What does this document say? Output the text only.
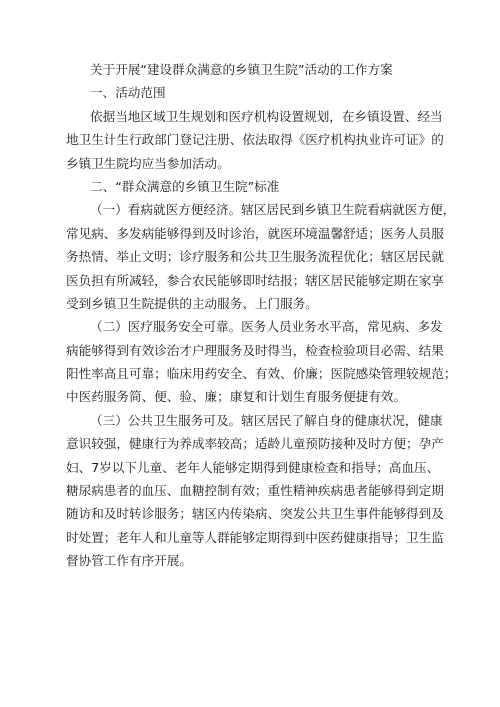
关于开展“建设群众满意的乡镇卫生院”活动的工作方案
一、活动范围
依据当地区域卫生规划和医疗机构设置规划，在乡镇设置、经当
地卫生计生行政部门登记注册、依法取得《医疗机构执业许可证》的
乡镇卫生院均应当参加活动。
二、“群众满意的乡镇卫生院”标准
（一）看病就医方便经济。辖区居民到乡镇卫生院看病就医方便，
常见病、多发病能够得到及时诊治，就医环境温馨舒适；医务人员服
务热情、举止文明；诊疗服务和公共卫生服务流程优化；辖区居民就
医负担有所减轻，参合农民能够即时结报；辖区居民能够定期在家享
受到乡镇卫生院提供的主动服务、上门服务。
（二）医疗服务安全可靠。医务人员业务水平高，常见病、多发
病能够得到有效诊治才户理服务及时得当，检查检验项目必需、结果
阳性率高且可靠；临床用药安全、有效、价廉；医院感染管理较规范；
中医药服务简、便、验、廉；康复和计划生育服务便捷有效。
（三）公共卫生服务可及。辖区居民了解自身的健康状况，健康
意识较强，健康行为养成率较高；适龄儿童预防接种及时方便；孕产
妇、7岁以下儿童、老年人能够定期得到健康检查和指导；高血压、
糖尿病患者的血压、血糖控制有效；重性精神疾病患者能够得到定期
随访和及时转诊服务；辖区内传染病、突发公共卫生事件能够得到及
时处置；老年人和儿童等人群能够定期得到中医药健康指导；卫生监
督协管工作有序开展。
